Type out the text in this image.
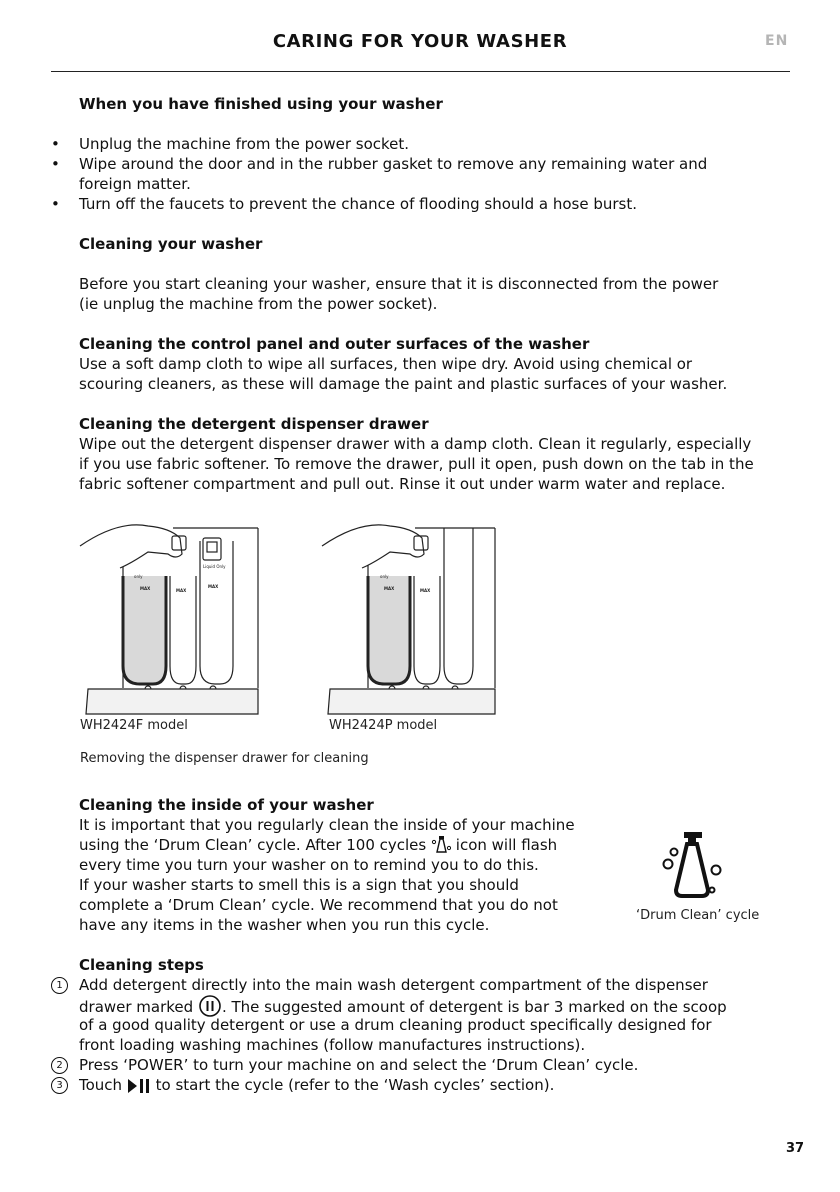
CARING FOR YOUR WASHER	EN
When you have finished using your washer
• Unplug the machine from the power socket.
• Wipe around the door and in the rubber gasket to remove any remaining water and
foreign matter.
• Turn off the faucets to prevent the chance of flooding should a hose burst.
Cleaning your washer
Before you start cleaning your washer, ensure that it is disconnected from the power
(ie unplug the machine from the power socket).
Cleaning the control panel and outer surfaces of the washer
Use a soft damp cloth to wipe all surfaces, then wipe dry. Avoid using chemical or
scouring cleaners, as these will damage the paint and plastic surfaces of your washer.
Cleaning the detergent dispenser drawer
Wipe out the detergent dispenser drawer with a damp cloth. Clean it regularly, especially
if you use fabric softener. To remove the drawer, pull it open, push down on the tab in the
fabric softener compartment and pull out. Rinse it out under warm water and replace.
only
MAX	MAX
Liquid Only
MAX
only
MAX	MAX
WH2424F model	WH2424P model
Removing the dispenser drawer for cleaning
Cleaning the inside of your washer
It is important that you regularly clean the inside of your machine
using the ‘Drum Clean’ cycle. After 100 cycles icon will flash
every time you turn your washer on to remind you to do this.
If your washer starts to smell this is a sign that you should
complete a ‘Drum Clean’ cycle. We recommend that you do not
have any items in the washer when you run this cycle.
‘Drum Clean’ cycle
Cleaning steps
1	Add detergent directly into the main wash detergent compartment of the dispenser
drawer marked . The suggested amount of detergent is bar 3 marked on the scoop
of a good quality detergent or use a drum cleaning product specifically designed for
front loading washing machines (follow manufactures instructions).
2	Press ‘POWER’ to turn your machine on and select the ‘Drum Clean’ cycle.
3	Touch to start the cycle (refer to the ‘Wash cycles’ section).
37
